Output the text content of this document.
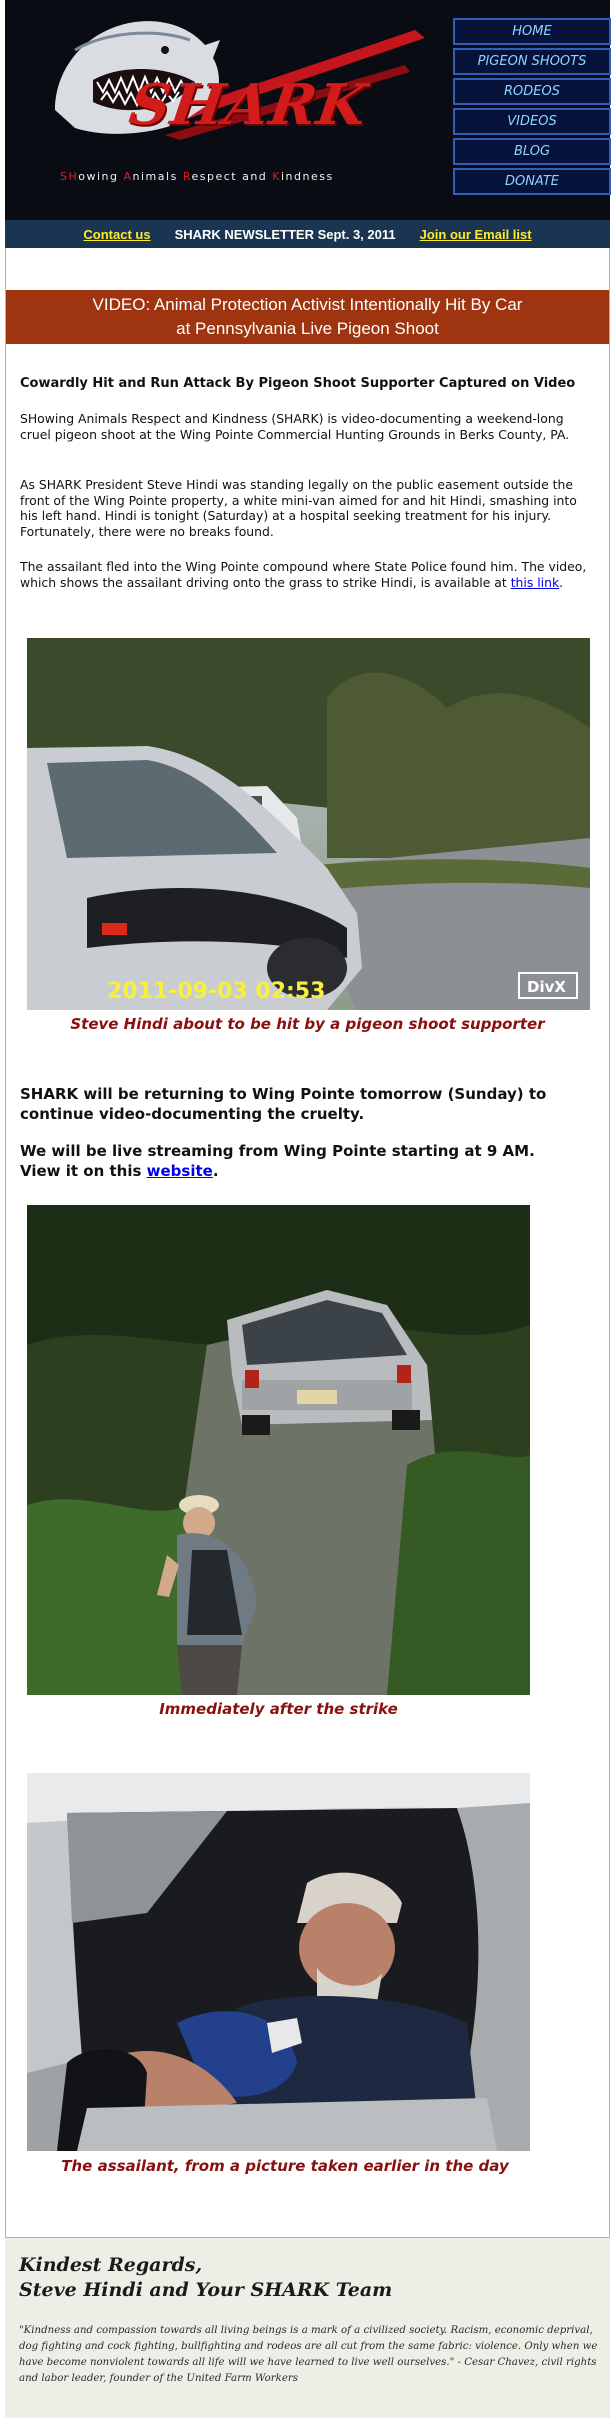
SHARK
SHowing Animals Respect and Kindness
HOME
PIGEON SHOOTS
RODEOS
VIDEOS
BLOG
DONATE
Contact us SHARK NEWSLETTER Sept. 3, 2011 Join our Email list
VIDEO: Animal Protection Activist Intentionally Hit By Car
at Pennsylvania Live Pigeon Shoot
Cowardly Hit and Run Attack By Pigeon Shoot Supporter Captured on Video
SHowing Animals Respect and Kindness (SHARK) is video-documenting a weekend-long cruel pigeon shoot at the Wing Pointe Commercial Hunting Grounds in Berks County, PA.
As SHARK President Steve Hindi was standing legally on the public easement outside the front of the Wing Pointe property, a white mini-van aimed for and hit Hindi, smashing into his left hand. Hindi is tonight (Saturday) at a hospital seeking treatment for his injury. Fortunately, there were no breaks found.
The assailant fled into the Wing Pointe compound where State Police found him. The video, which shows the assailant driving onto the grass to strike Hindi, is available at this link.
2011-09-03 02:53	DivX
Steve Hindi about to be hit by a pigeon shoot supporter
SHARK will be returning to Wing Pointe tomorrow (Sunday) to continue video-documenting the cruelty.
We will be live streaming from Wing Pointe starting at 9 AM.
View it on this website.
Immediately after the strike
The assailant, from a picture taken earlier in the day
Kindest Regards,
Steve Hindi and Your SHARK Team
"Kindness and compassion towards all living beings is a mark of a civilized society. Racism, economic deprival, dog fighting and cock fighting, bullfighting and rodeos are all cut from the same fabric: violence. Only when we have become nonviolent towards all life will we have learned to live well ourselves." - Cesar Chavez, civil rights and labor leader, founder of the United Farm Workers
